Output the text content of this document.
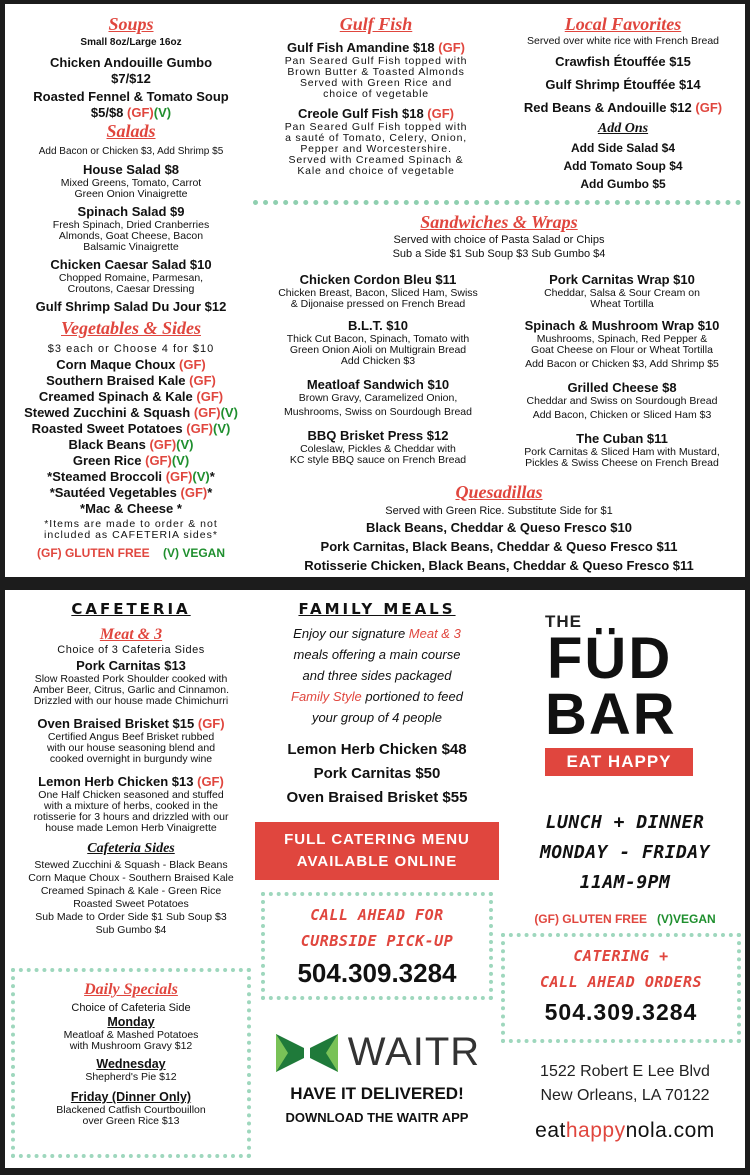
Soups
Small 8oz/Large 16oz
Chicken Andouille Gumbo
$7/$12
Roasted Fennel & Tomato Soup
$5/$8 (GF)(V)
Salads
Add Bacon or Chicken $3, Add Shrimp $5
House Salad $8
Mixed Greens, Tomato, Carrot
Green Onion Vinaigrette
Spinach Salad $9
Fresh Spinach, Dried Cranberries
Almonds, Goat Cheese, Bacon
Balsamic Vinaigrette
Chicken Caesar Salad $10
Chopped Romaine, Parmesan,
Croutons, Caesar Dressing
Gulf Shrimp Salad Du Jour $12
Vegetables & Sides
$3 each or Choose 4 for $10
Corn Maque Choux (GF)
Southern Braised Kale (GF)
Creamed Spinach & Kale (GF)
Stewed Zucchini & Squash (GF)(V)
Roasted Sweet Potatoes (GF)(V)
Black Beans (GF)(V)
Green Rice (GF)(V)
*Steamed Broccoli (GF)(V)*
*Sautéed Vegetables (GF)*
*Mac & Cheese *
*Items are made to order & not
included as CAFETERIA sides*
(GF) GLUTEN FREE (V) VEGAN
Gulf Fish
Gulf Fish Amandine $18 (GF)
Pan Seared Gulf Fish topped with
Brown Butter & Toasted Almonds
Served with Green Rice and
choice of vegetable
Creole Gulf Fish $18 (GF)
Pan Seared Gulf Fish topped with
a sauté of Tomato, Celery, Onion,
Pepper and Worcestershire.
Served with Creamed Spinach &
Kale and choice of vegetable
Local Favorites
Served over white rice with French Bread
Crawfish Étouffée $15
Gulf Shrimp Étouffée $14
Red Beans & Andouille $12 (GF)
Add Ons
Add Side Salad $4
Add Tomato Soup $4
Add Gumbo $5
Sandwiches & Wraps
Served with choice of Pasta Salad or Chips
Sub a Side $1 Sub Soup $3 Sub Gumbo $4
Chicken Cordon Bleu $11
Chicken Breast, Bacon, Sliced Ham, Swiss
& Dijonaise pressed on French Bread
B.L.T. $10
Thick Cut Bacon, Spinach, Tomato with
Green Onion Aioli on Multigrain Bread
Add Chicken $3
Meatloaf Sandwich $10
Brown Gravy, Caramelized Onion,
Mushrooms, Swiss on Sourdough Bread
BBQ Brisket Press $12
Coleslaw, Pickles & Cheddar with
KC style BBQ sauce on French Bread
Pork Carnitas Wrap $10
Cheddar, Salsa & Sour Cream on
Wheat Tortilla
Spinach & Mushroom Wrap $10
Mushrooms, Spinach, Red Pepper &
Goat Cheese on Flour or Wheat Tortilla
Add Bacon or Chicken $3, Add Shrimp $5
Grilled Cheese $8
Cheddar and Swiss on Sourdough Bread
Add Bacon, Chicken or Sliced Ham $3
The Cuban $11
Pork Carnitas & Sliced Ham with Mustard,
Pickles & Swiss Cheese on French Bread
Quesadillas
Served with Green Rice. Substitute Side for $1
Black Beans, Cheddar & Queso Fresco $10
Pork Carnitas, Black Beans, Cheddar & Queso Fresco $11
Rotisserie Chicken, Black Beans, Cheddar & Queso Fresco $11
CAFETERIA
Meat & 3
Choice of 3 Cafeteria Sides
Pork Carnitas $13
Slow Roasted Pork Shoulder cooked with
Amber Beer, Citrus, Garlic and Cinnamon.
Drizzled with our house made Chimichurri
Oven Braised Brisket $15 (GF)
Certified Angus Beef Brisket rubbed
with our house seasoning blend and
cooked overnight in burgundy wine
Lemon Herb Chicken $13 (GF)
One Half Chicken seasoned and stuffed
with a mixture of herbs, cooked in the
rotisserie for 3 hours and drizzled with our
house made Lemon Herb Vinaigrette
Cafeteria Sides
Stewed Zucchini & Squash - Black Beans
Corn Maque Choux - Southern Braised Kale
Creamed Spinach & Kale - Green Rice
Roasted Sweet Potatoes
Sub Made to Order Side $1 Sub Soup $3
Sub Gumbo $4
Daily Specials
Choice of Cafeteria Side
Monday
Meatloaf & Mashed Potatoes
with Mushroom Gravy $12
Wednesday
Shepherd's Pie $12
Friday (Dinner Only)
Blackened Catfish Courtbouillon
over Green Rice $13
FAMILY MEALS
Enjoy our signature Meat & 3
meals offering a main course
and three sides packaged
Family Style portioned to feed
your group of 4 people
Lemon Herb Chicken $48
Pork Carnitas $50
Oven Braised Brisket $55
FULL CATERING MENU
AVAILABLE ONLINE
CALL AHEAD FOR
CURBSIDE PICK-UP
504.309.3284
WAITR
HAVE IT DELIVERED!
DOWNLOAD THE WAITR APP
THE
FÜD
BAR
EAT HAPPY
LUNCH + DINNER
MONDAY - FRIDAY
11AM-9PM
(GF) GLUTEN FREE (V)VEGAN
CATERING +
CALL AHEAD ORDERS
504.309.3284
1522 Robert E Lee Blvd
New Orleans, LA 70122
eathappynola.com
